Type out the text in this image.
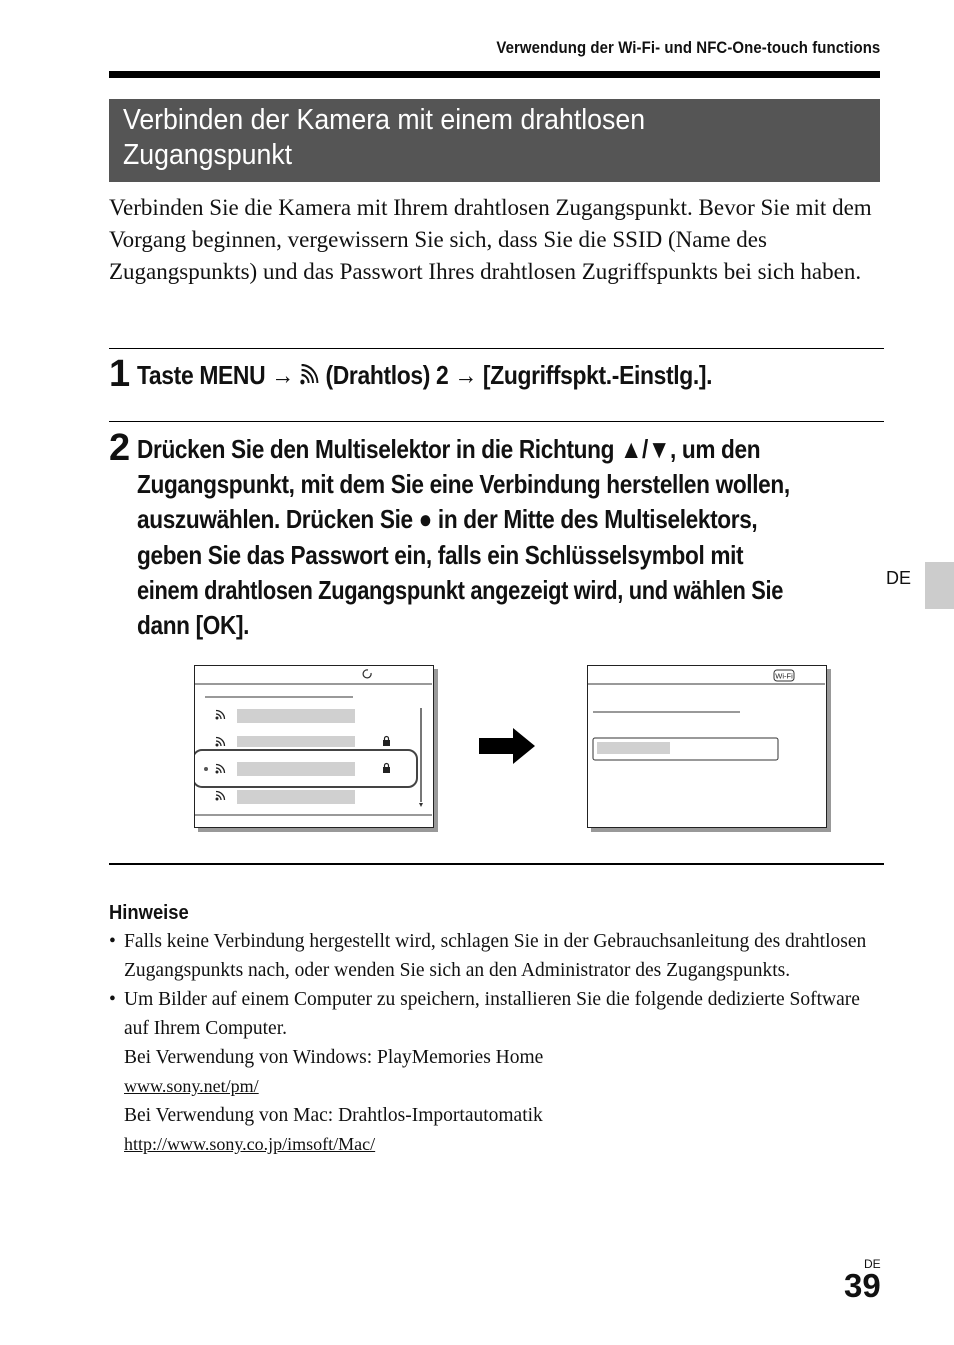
Verwendung der Wi-Fi- und NFC-One-touch functions
Verbinden der Kamera mit einem drahtlosen
Zugangspunkt

Verbinden Sie die Kamera mit Ihrem drahtlosen Zugangspunkt. Bevor Sie mit dem Vorgang beginnen, vergewissern Sie sich, dass Sie die SSID (Name des Zugangspunkts) und das Passwort Ihres drahtlosen Zugriffspunkts bei sich haben.

1 Taste MENU → (Drahtlos) 2 → [Zugriffspkt.-Einstlg.].
2 Drücken Sie den Multiselektor in die Richtung ▲/▼, um den
Zugangspunkt, mit dem Sie eine Verbindung herstellen wollen,
auszuwählen. Drücken Sie ● in der Mitte des Multiselektors,
geben Sie das Passwort ein, falls ein Schlüsselsymbol mit
einem drahtlosen Zugangspunkt angezeigt wird, und wählen Sie
dann [OK].
DE
Wi-Fi
Hinweise
• Falls keine Verbindung hergestellt wird, schlagen Sie in der Gebrauchsanleitung des drahtlosen Zugangspunkts nach, oder wenden Sie sich an den Administrator des Zugangspunkts.
• Um Bilder auf einem Computer zu speichern, installieren Sie die folgende dedizierte Software auf Ihrem Computer.
Bei Verwendung von Windows: PlayMemories Home
www.sony.net/pm/
Bei Verwendung von Mac: Drahtlos-Importautomatik
http://www.sony.co.jp/imsoft/Mac/
DE
39
